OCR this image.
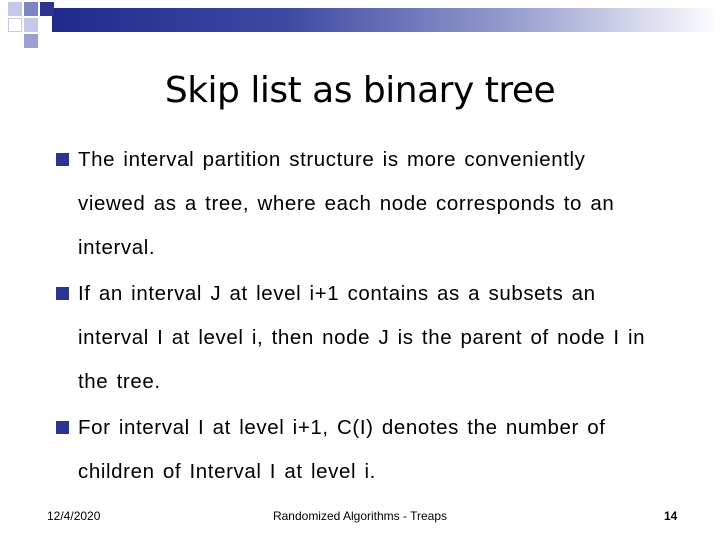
Skip list as binary tree
The interval partition structure is more conveniently viewed as a tree, where each node corresponds to an interval.
If an interval J at level i+1 contains as a subsets an interval I at level i, then node J is the parent of node I in the tree.
For interval I at level i+1, C(I) denotes the number of children of Interval I at level i.
12/4/2020	Randomized Algorithms - Treaps	14
